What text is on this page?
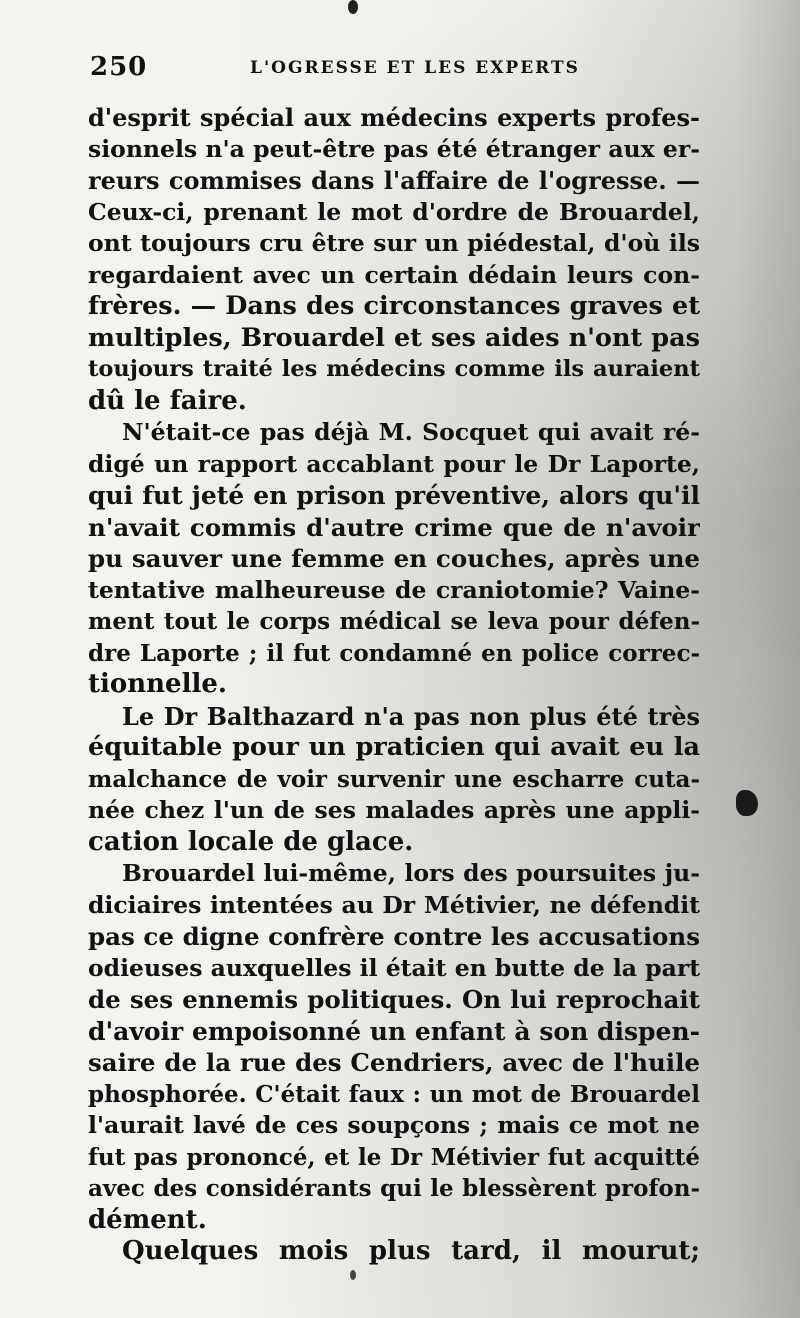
250	L'OGRESSE ET LES EXPERTS
d'esprit spécial aux médecins experts profes-
sionnels n'a peut-être pas été étranger aux er-
reurs commises dans l'affaire de l'ogresse. —
Ceux-ci, prenant le mot d'ordre de Brouardel,
ont toujours cru être sur un piédestal, d'où ils
regardaient avec un certain dédain leurs con-
frères. — Dans des circonstances graves et
multiples, Brouardel et ses aides n'ont pas
toujours traité les médecins comme ils auraient
dû le faire.
N'était-ce pas déjà M. Socquet qui avait ré-
digé un rapport accablant pour le Dr Laporte,
qui fut jeté en prison préventive, alors qu'il
n'avait commis d'autre crime que de n'avoir
pu sauver une femme en couches, après une
tentative malheureuse de craniotomie? Vaine-
ment tout le corps médical se leva pour défen-
dre Laporte ; il fut condamné en police correc-
tionnelle.
Le Dr Balthazard n'a pas non plus été très
équitable pour un praticien qui avait eu la
malchance de voir survenir une escharre cuta-
née chez l'un de ses malades après une appli-
cation locale de glace.
Brouardel lui-même, lors des poursuites ju-
diciaires intentées au Dr Métivier, ne défendit
pas ce digne confrère contre les accusations
odieuses auxquelles il était en butte de la part
de ses ennemis politiques. On lui reprochait
d'avoir empoisonné un enfant à son dispen-
saire de la rue des Cendriers, avec de l'huile
phosphorée. C'était faux : un mot de Brouardel
l'aurait lavé de ces soupçons ; mais ce mot ne
fut pas prononcé, et le Dr Métivier fut acquitté
avec des considérants qui le blessèrent profon-
dément.
Quelques mois plus tard, il mourut;
